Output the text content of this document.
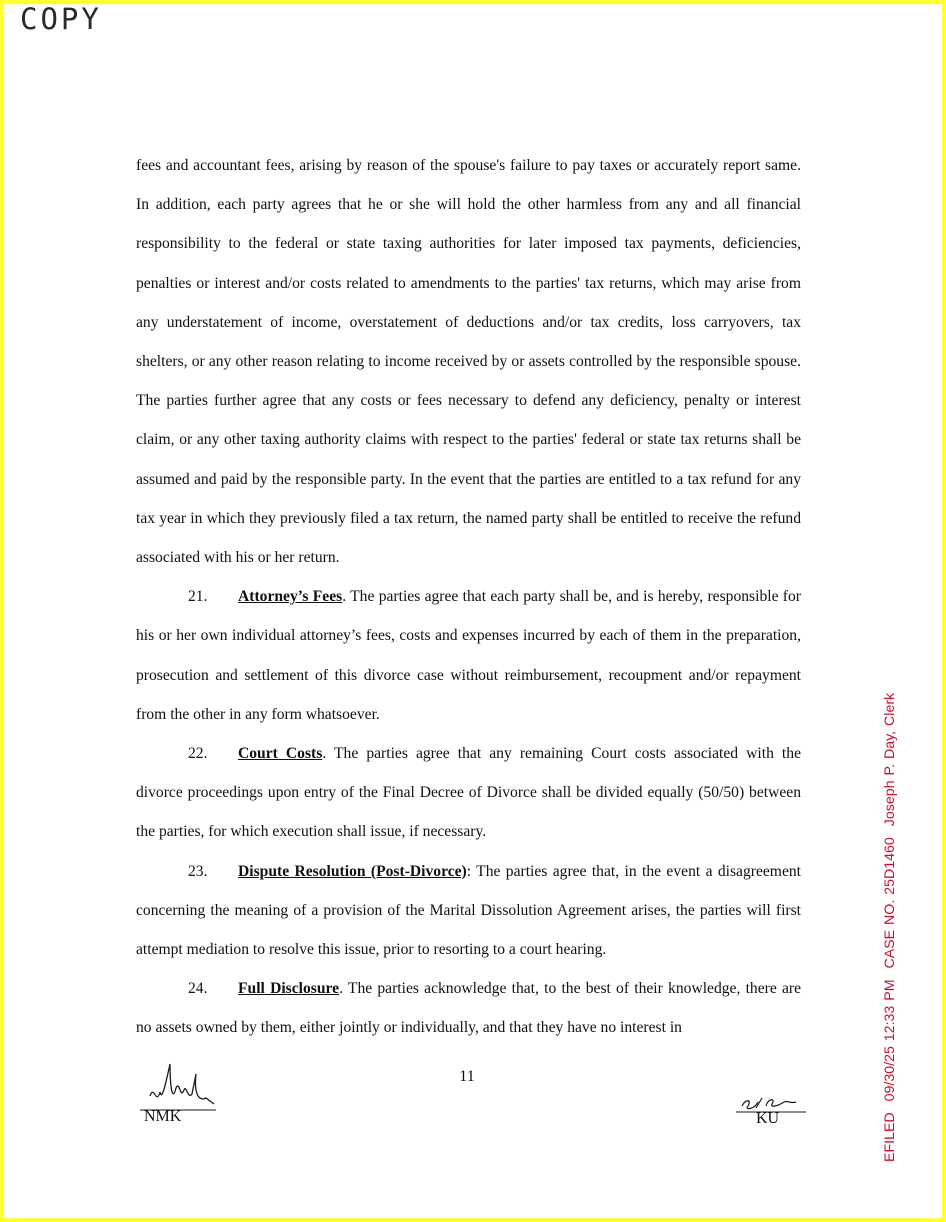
COPY

fees and accountant fees, arising by reason of the spouse's failure to pay taxes or accurately report same. In addition, each party agrees that he or she will hold the other harmless from any and all financial responsibility to the federal or state taxing authorities for later imposed tax payments, deficiencies, penalties or interest and/or costs related to amendments to the parties' tax returns, which may arise from any understatement of income, overstatement of deductions and/or tax credits, loss carryovers, tax shelters, or any other reason relating to income received by or assets controlled by the responsible spouse. The parties further agree that any costs or fees necessary to defend any deficiency, penalty or interest claim, or any other taxing authority claims with respect to the parties' federal or state tax returns shall be assumed and paid by the responsible party. In the event that the parties are entitled to a tax refund for any tax year in which they previously filed a tax return, the named party shall be entitled to receive the refund associated with his or her return.

21. Attorney’s Fees. The parties agree that each party shall be, and is hereby, responsible for his or her own individual attorney’s fees, costs and expenses incurred by each of them in the preparation, prosecution and settlement of this divorce case without reimbursement, recoupment and/or repayment from the other in any form whatsoever.

22. Court Costs. The parties agree that any remaining Court costs associated with the divorce proceedings upon entry of the Final Decree of Divorce shall be divided equally (50/50) between the parties, for which execution shall issue, if necessary.

23. Dispute Resolution (Post-Divorce): The parties agree that, in the event a disagreement concerning the meaning of a provision of the Marital Dissolution Agreement arises, the parties will first attempt mediation to resolve this issue, prior to resorting to a court hearing.

24. Full Disclosure. The parties acknowledge that, to the best of their knowledge, there are no assets owned by them, either jointly or individually, and that they have no interest in

11
NMK	KU	EFILED 09/30/25 12:33 PM CASE NO. 25D1460 Joseph P. Day, Clerk
